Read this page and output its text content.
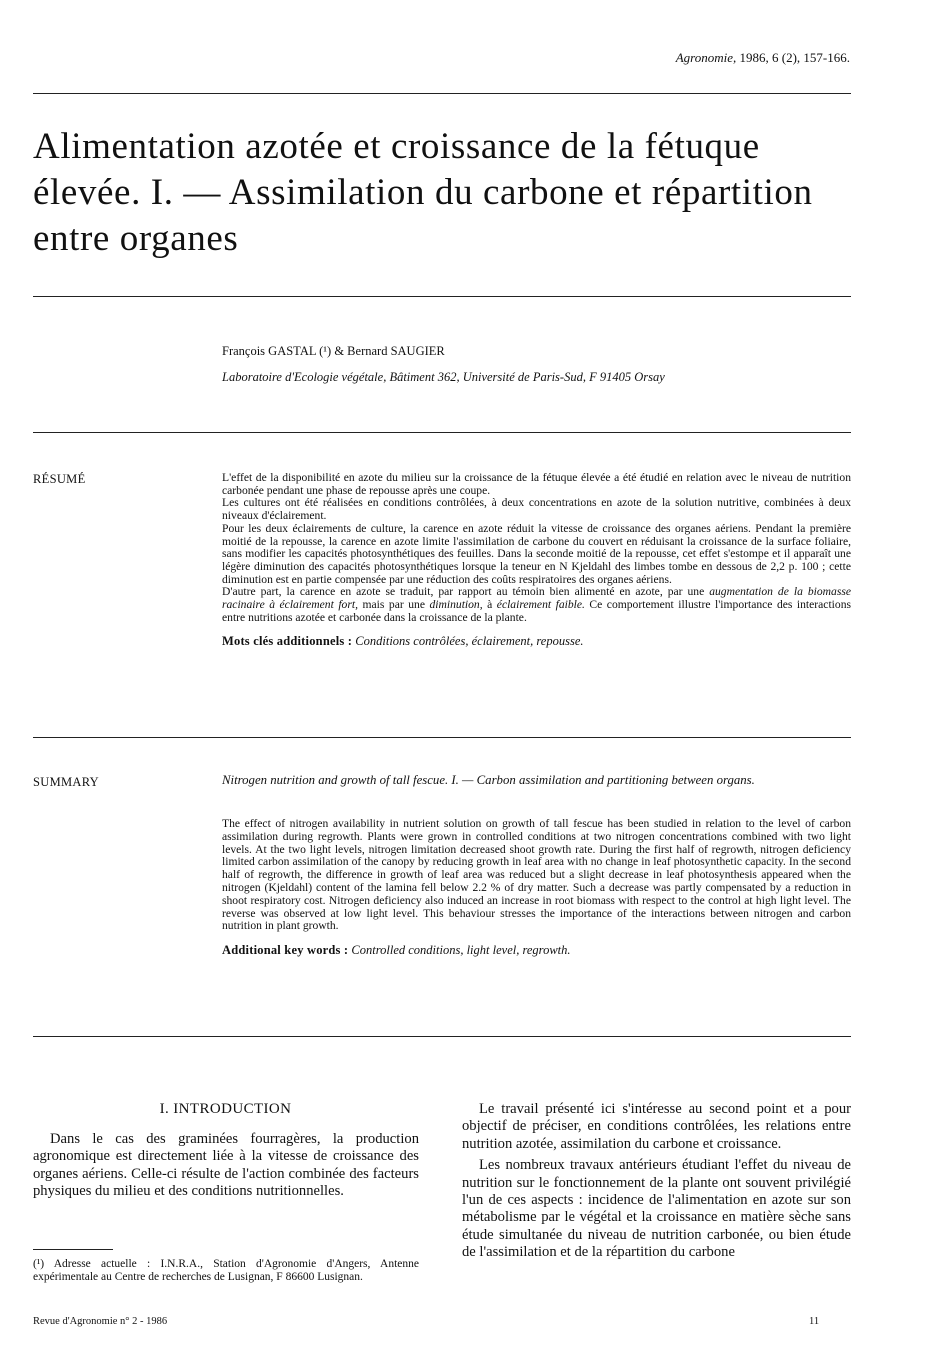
Agronomie, 1986, 6 (2), 157-166.
Alimentation azotée et croissance de la fétuque élevée. I. — Assimilation du carbone et répartition entre organes
François GASTAL (¹) & Bernard SAUGIER
Laboratoire d'Ecologie végétale, Bâtiment 362, Université de Paris-Sud, F 91405 Orsay
RÉSUMÉ	L'effet de la disponibilité en azote du milieu sur la croissance de la fétuque élevée a été étudié en relation avec le niveau de nutrition carbonée pendant une phase de repousse après une coupe.

Les cultures ont été réalisées en conditions contrôlées, à deux concentrations en azote de la solution nutritive, combinées à deux niveaux d'éclairement.

Pour les deux éclairements de culture, la carence en azote réduit la vitesse de croissance des organes aériens. Pendant la première moitié de la repousse, la carence en azote limite l'assimilation de carbone du couvert en réduisant la croissance de la surface foliaire, sans modifier les capacités photosynthétiques des feuilles. Dans la seconde moitié de la repousse, cet effet s'estompe et il apparaît une légère diminution des capacités photosynthétiques lorsque la teneur en N Kjeldahl des limbes tombe en dessous de 2,2 p. 100 ; cette diminution est en partie compensée par une réduction des coûts respiratoires des organes aériens.

D'autre part, la carence en azote se traduit, par rapport au témoin bien alimenté en azote, par une augmentation de la biomasse racinaire à éclairement fort, mais par une diminution, à éclairement faible. Ce comportement illustre l'importance des interactions entre nutritions azotée et carbonée dans la croissance de la plante.

Mots clés additionnels : Conditions contrôlées, éclairement, repousse.

SUMMARY	Nitrogen nutrition and growth of tall fescue. I. — Carbon assimilation and partitioning between organs.

The effect of nitrogen availability in nutrient solution on growth of tall fescue has been studied in relation to the level of carbon assimilation during regrowth. Plants were grown in controlled conditions at two nitrogen concentrations combined with two light levels. At the two light levels, nitrogen limitation decreased shoot growth rate. During the first half of regrowth, nitrogen deficiency limited carbon assimilation of the canopy by reducing growth in leaf area with no change in leaf photosynthetic capacity. In the second half of regrowth, the difference in growth of leaf area was reduced but a slight decrease in leaf photosynthesis appeared when the nitrogen (Kjeldahl) content of the lamina fell below 2.2 % of dry matter. Such a decrease was partly compensated by a reduction in shoot respiratory cost. Nitrogen deficiency also induced an increase in root biomass with respect to the control at high light level. The reverse was observed at low light level. This behaviour stresses the importance of the interactions between nitrogen and carbon nutrition in plant growth.

Additional key words : Controlled conditions, light level, regrowth.

I. INTRODUCTION

Dans le cas des graminées fourragères, la production agronomique est directement liée à la vitesse de croissance des organes aériens. Celle-ci résulte de l'action combinée des facteurs physiques du milieu et des conditions nutritionnelles.

Le travail présenté ici s'intéresse au second point et a pour objectif de préciser, en conditions contrôlées, les relations entre nutrition azotée, assimilation du carbone et croissance.

Les nombreux travaux antérieurs étudiant l'effet du niveau de nutrition sur le fonctionnement de la plante ont souvent privilégié l'un de ces aspects : incidence de l'alimentation en azote sur son métabolisme par le végétal et la croissance en matière sèche sans étude simultanée du niveau de nutrition carbonée, ou bien étude de l'assimilation et de la répartition du carbone

(¹) Adresse actuelle : I.N.R.A., Station d'Agronomie d'Angers, Antenne expérimentale au Centre de recherches de Lusignan, F 86600 Lusignan.
Revue d'Agronomie n° 2 - 1986	11
